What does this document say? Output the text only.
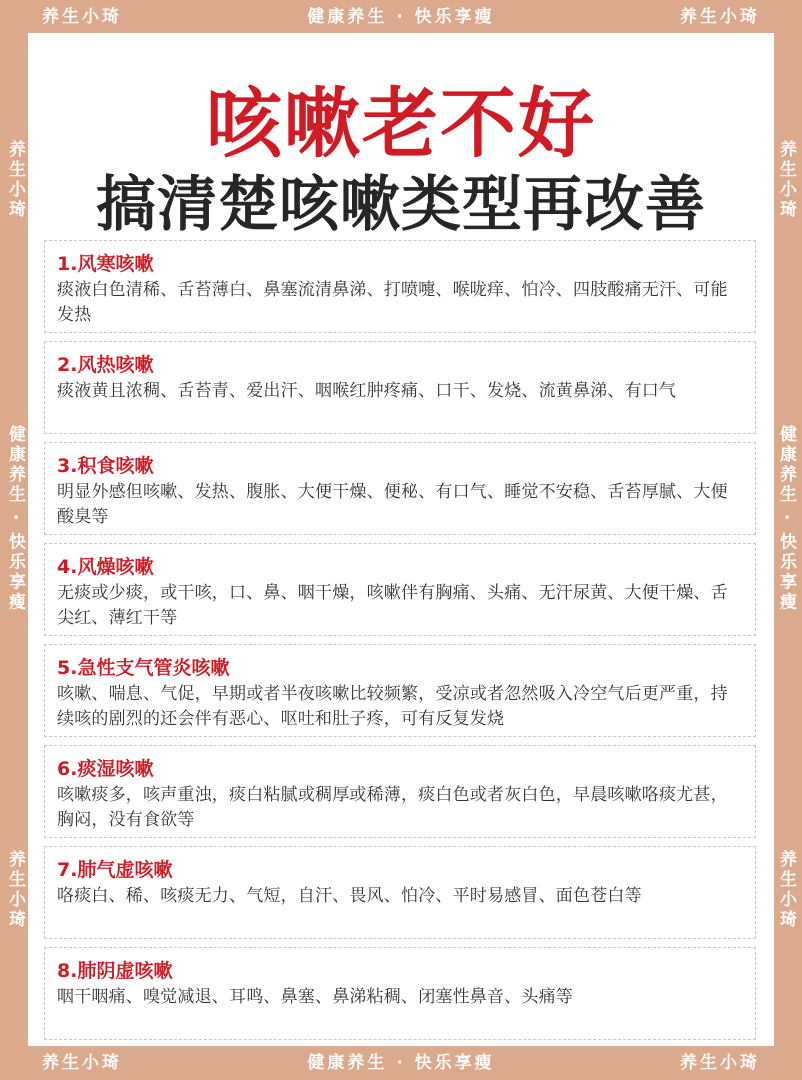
养生小琦	健康养生 · 快乐享瘦	养生小琦
养生小琦	健康养生 · 快乐享瘦	养生小琦
养生小琦
健康养生 · 快乐享瘦
养生小琦
养生小琦
健康养生 · 快乐享瘦
养生小琦
咳嗽老不好
搞清楚咳嗽类型再改善
1.风寒咳嗽
痰液白色清稀、舌苔薄白、鼻塞流清鼻涕、打喷嚏、喉咙痒、怕冷、四肢酸痛无汗、可能发热
2.风热咳嗽
痰液黄且浓稠、舌苔青、爱出汗、咽喉红肿疼痛、口干、发烧、流黄鼻涕、有口气
3.积食咳嗽
明显外感但咳嗽、发热、腹胀、大便干燥、便秘、有口气、睡觉不安稳、舌苔厚腻、大便酸臭等
4.风燥咳嗽
无痰或少痰，或干咳，口、鼻、咽干燥，咳嗽伴有胸痛、头痛、无汗尿黄、大便干燥、舌尖红、薄红干等
5.急性支气管炎咳嗽
咳嗽、喘息、气促，早期或者半夜咳嗽比较频繁，受凉或者忽然吸入冷空气后更严重，持续咳的剧烈的还会伴有恶心、呕吐和肚子疼，可有反复发烧
6.痰湿咳嗽
咳嗽痰多，咳声重浊，痰白粘腻或稠厚或稀薄，痰白色或者灰白色，早晨咳嗽咯痰尤甚，胸闷，没有食欲等
7.肺气虚咳嗽
咯痰白、稀、咳痰无力、气短，自汗、畏风、怕冷、平时易感冒、面色苍白等
8.肺阴虚咳嗽
咽干咽痛、嗅觉减退、耳鸣、鼻塞、鼻涕粘稠、闭塞性鼻音、头痛等
